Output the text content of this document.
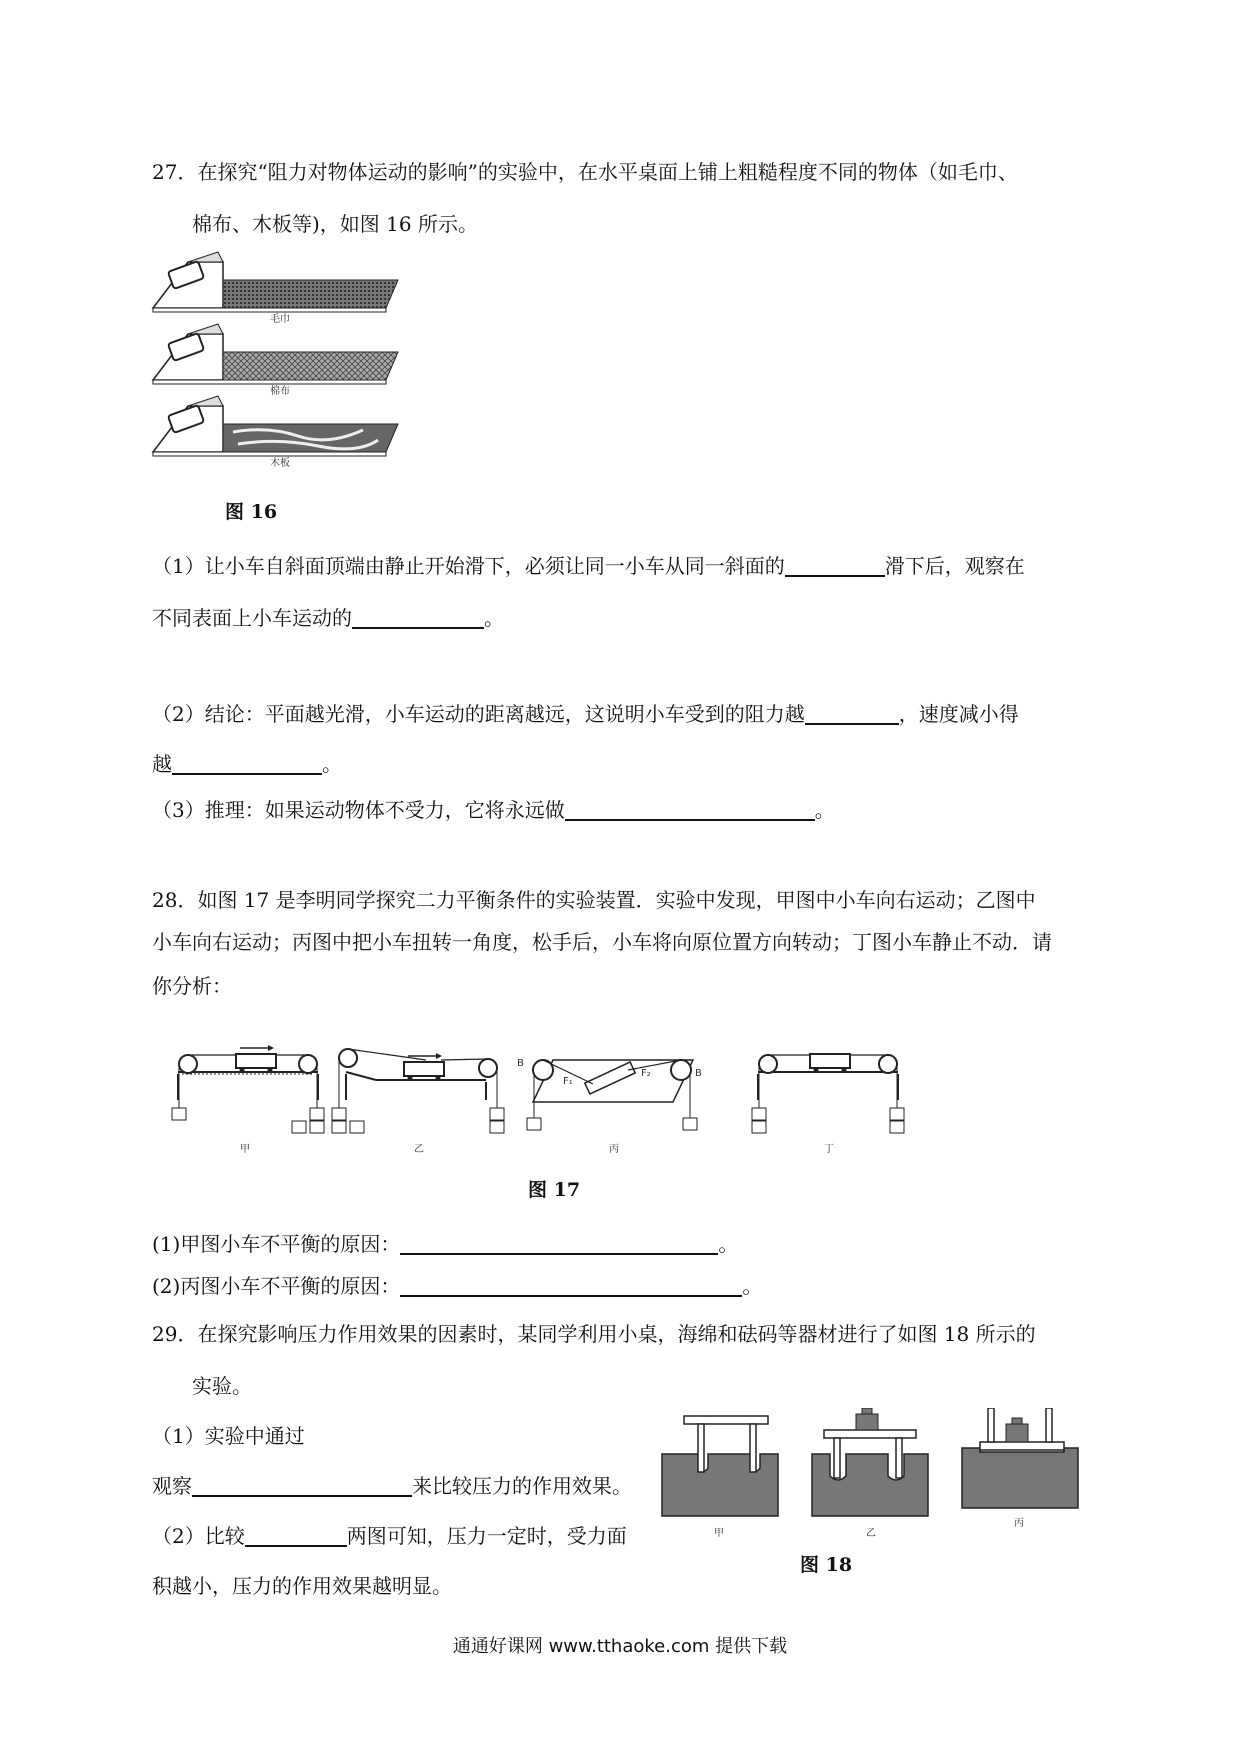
27．在探究“阻力对物体运动的影响”的实验中，在水平桌面上铺上粗糙程度不同的物体（如毛巾、
棉布、木板等)，如图 16 所示。
毛巾
棉布
木板
图 16
（1）让小车自斜面顶端由静止开始滑下，必须让同一小车从同一斜面的	滑下后，观察在
不同表面上小车运动的	。
（2）结论：平面越光滑，小车运动的距离越远，这说明小车受到的阻力越	，速度减小得
越	。
（3）推理：如果运动物体不受力，它将永远做	。
28．如图 17 是李明同学探究二力平衡条件的实验装置．实验中发现，甲图中小车向右运动；乙图中
小车向右运动；丙图中把小车扭转一角度，松手后，小车将向原位置方向转动；丁图小车静止不动．请
你分析：
甲	乙
B
F₁
F₂	B
丙	丁
图 17
(1)甲图小车不平衡的原因：	。
(2)丙图小车不平衡的原因：	。
29．在探究影响压力作用效果的因素时，某同学利用小桌，海绵和砝码等器材进行了如图 18 所示的
实验。
（1）实验中通过
观察	来比较压力的作用效果。
（2）比较	两图可知，压力一定时，受力面
积越小，压力的作用效果越明显。
甲	乙
丙
图 18
通通好课网 www.tthaoke.com 提供下载
